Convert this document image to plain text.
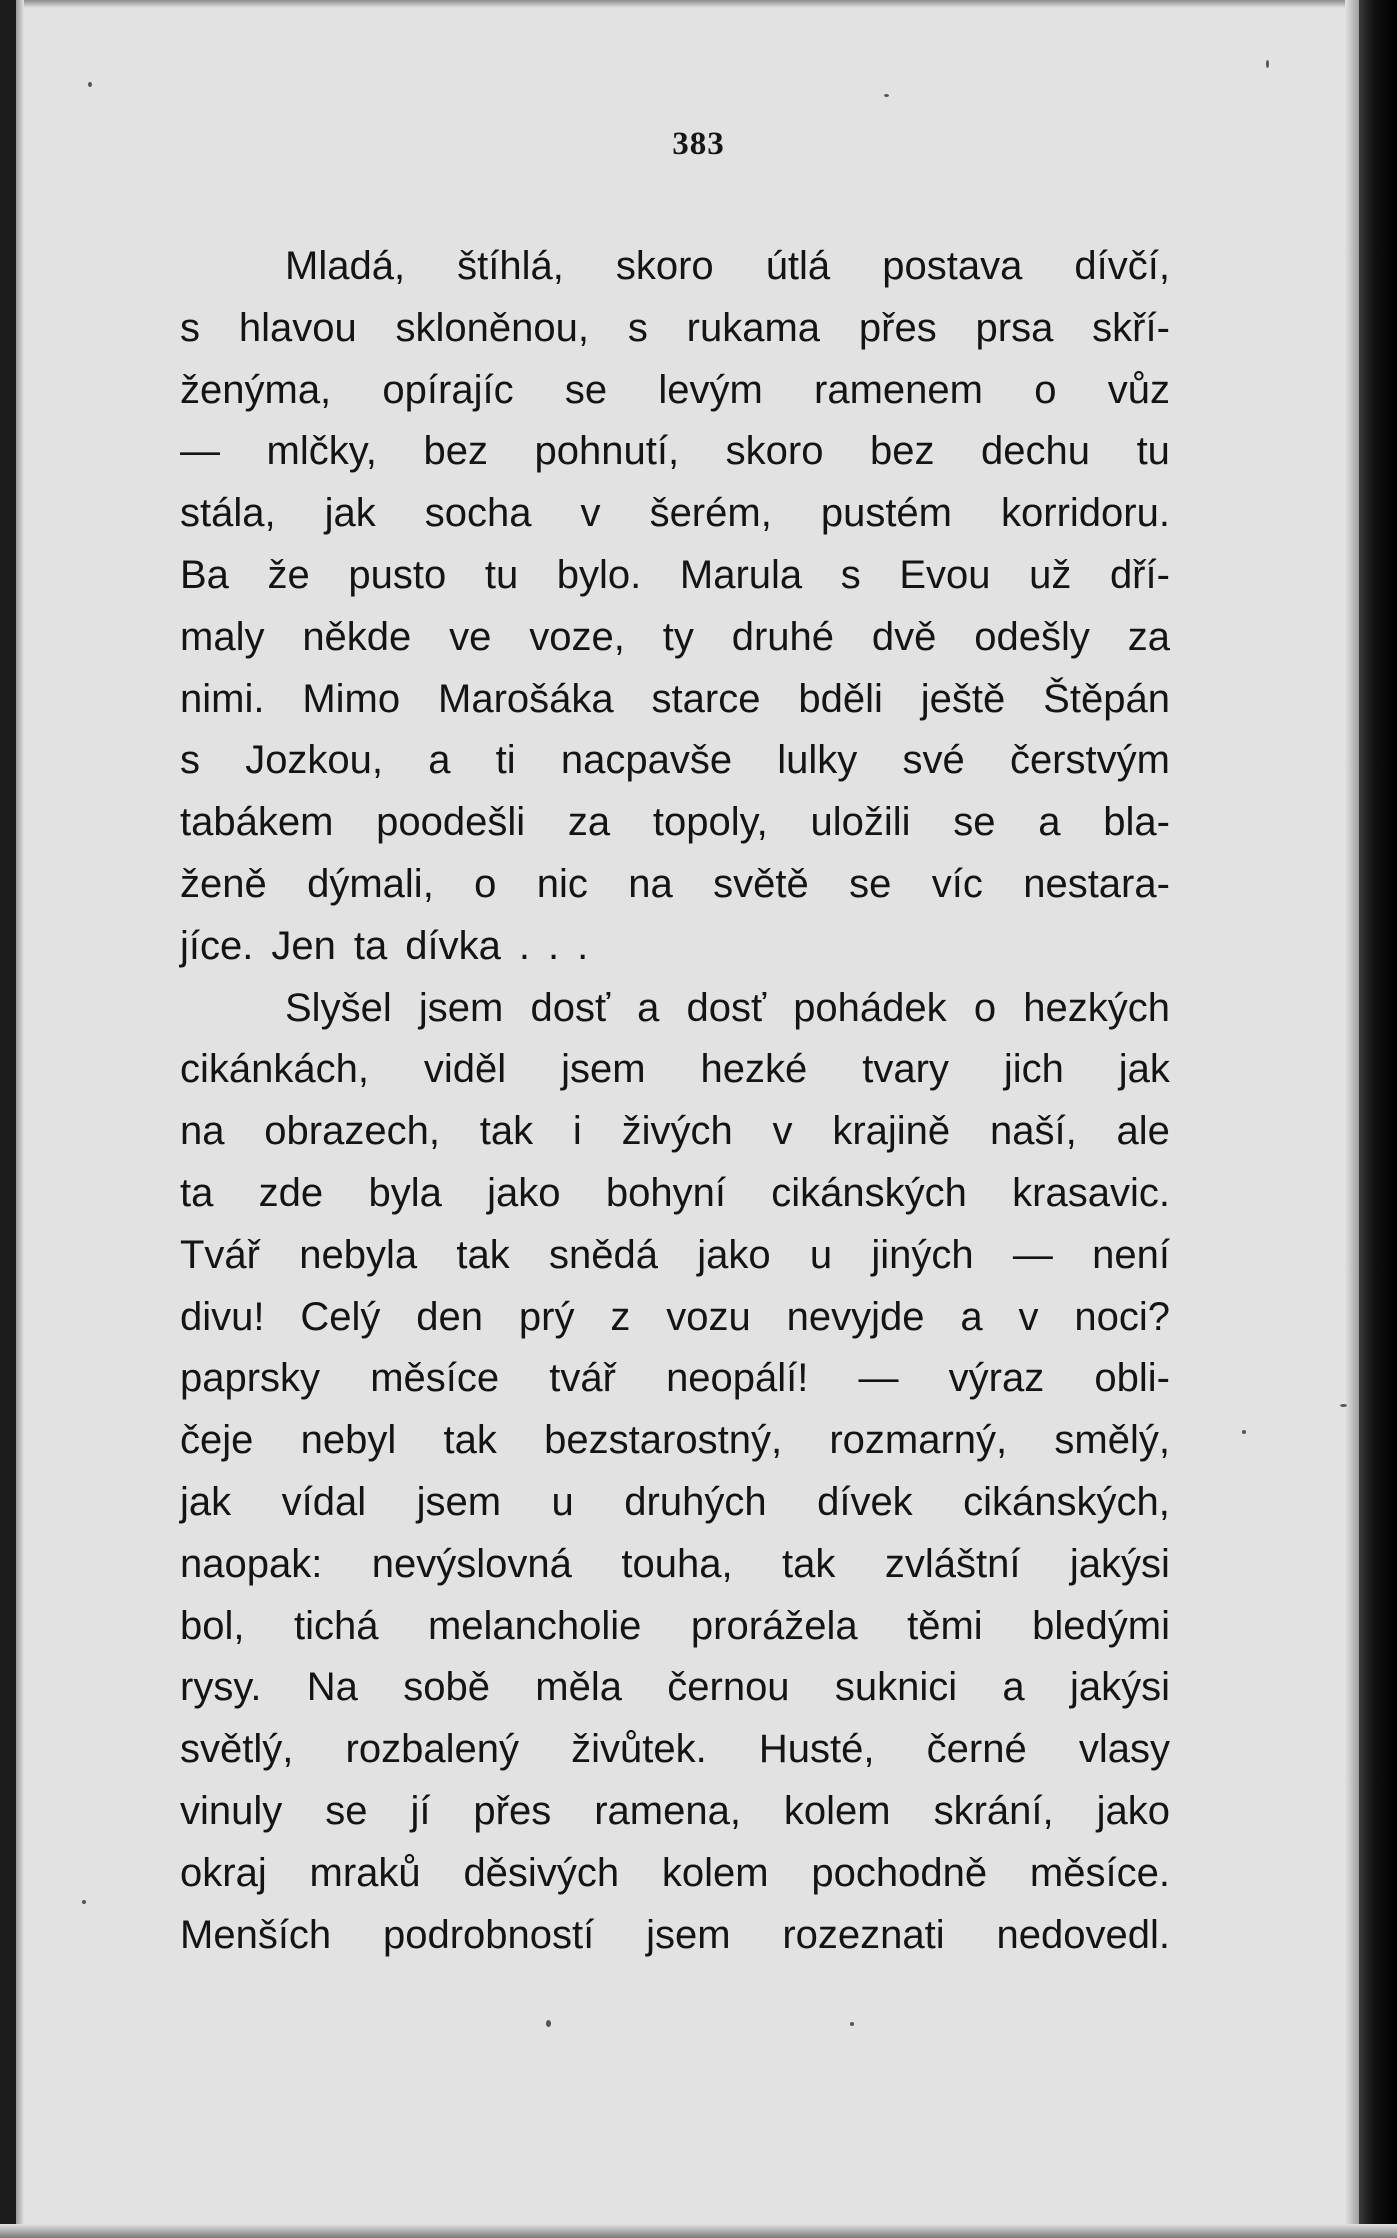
383
Mladá, štíhlá, skoro útlá postava dívčí,
s hlavou skloněnou, s rukama přes prsa skří-
ženýma, opírajíc se levým ramenem o vůz
— mlčky, bez pohnutí, skoro bez dechu tu
stála, jak socha v šerém, pustém korridoru.
Ba že pusto tu bylo. Marula s Evou už dří-
maly někde ve voze, ty druhé dvě odešly za
nimi. Mimo Marošáka starce bděli ještě Štěpán
s Jozkou, a ti nacpavše lulky své čerstvým
tabákem poodešli za topoly, uložili se a bla-
ženě dýmali, o nic na světě se víc nestara-
jíce. Jen ta dívka . . .
Slyšel jsem dosť a dosť pohádek o hezkých
cikánkách, viděl jsem hezké tvary jich jak
na obrazech, tak i živých v krajině naší, ale
ta zde byla jako bohyní cikánských krasavic.
Tvář nebyla tak snědá jako u jiných — není
divu! Celý den prý z vozu nevyjde a v noci?
paprsky měsíce tvář neopálí! — výraz obli-
čeje nebyl tak bezstarostný, rozmarný, smělý,
jak vídal jsem u druhých dívek cikánských,
naopak: nevýslovná touha, tak zvláštní jakýsi
bol, tichá melancholie prorážela těmi bledými
rysy. Na sobě měla černou suknici a jakýsi
světlý, rozbalený živůtek. Husté, černé vlasy
vinuly se jí přes ramena, kolem skrání, jako
okraj mraků děsivých kolem pochodně měsíce.
Menších podrobností jsem rozeznati nedovedl.
